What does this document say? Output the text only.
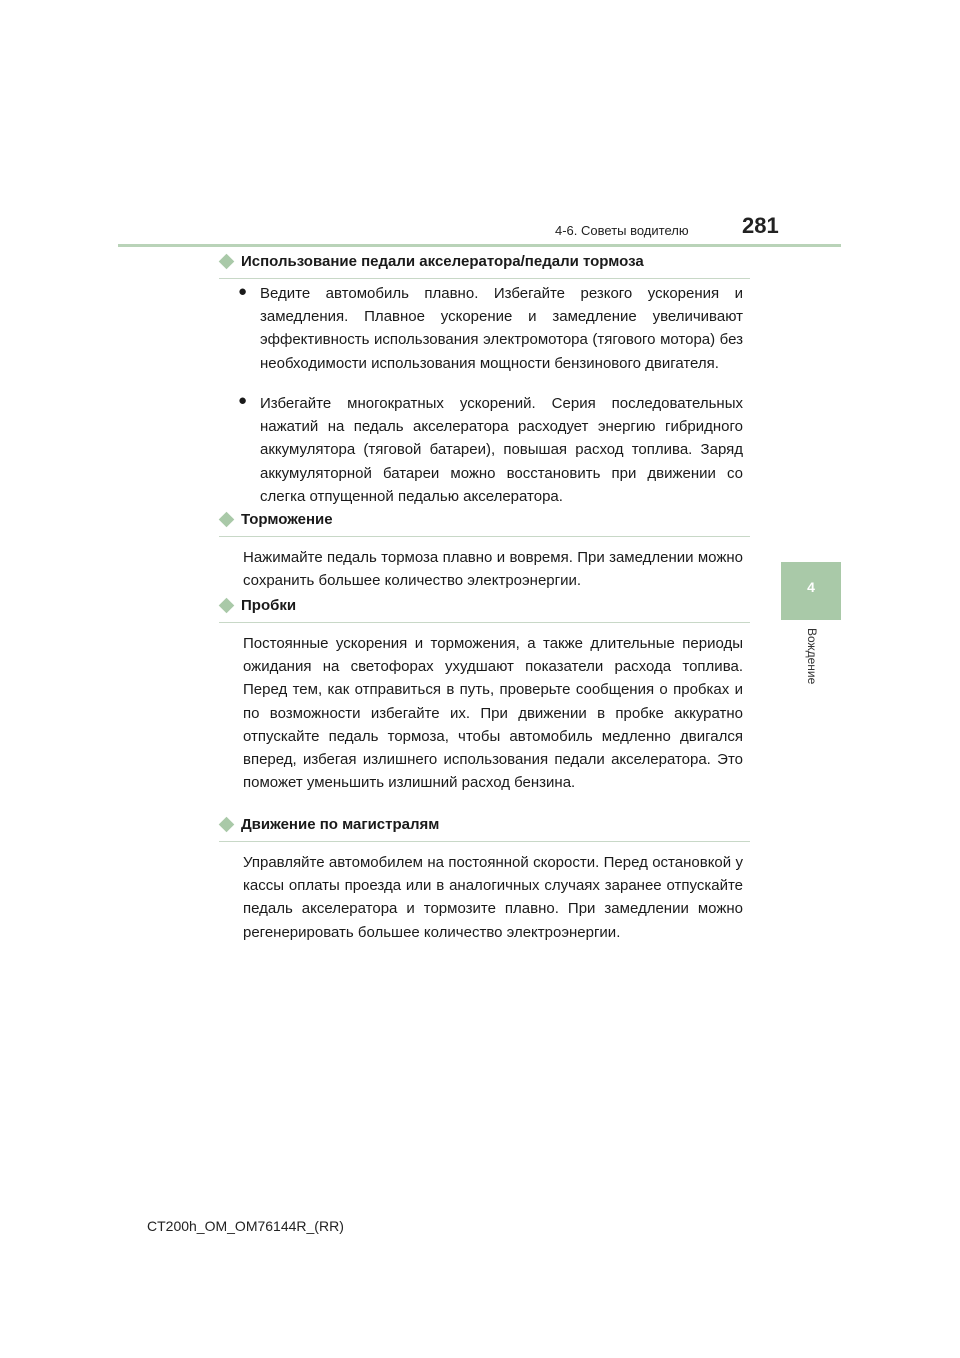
4-6. Советы водителю 281
4
Вождение
Использование педали акселератора/педали тормоза
● Ведите автомобиль плавно. Избегайте резкого ускорения и замедления. Плавное ускорение и замедление увеличивают эффективность использования электромотора (тягового мотора) без необходимости использования мощности бензинового двигателя.
● Избегайте многократных ускорений. Серия последовательных нажатий на педаль акселератора расходует энергию гибридного аккумулятора (тяговой батареи), повышая расход топлива. Заряд аккумуляторной батареи можно восстановить при движении со слегка отпущенной педалью акселератора.
Торможение
Нажимайте педаль тормоза плавно и вовремя. При замедлении можно сохранить большее количество электроэнергии.
Пробки
Постоянные ускорения и торможения, а также длительные периоды ожидания на светофорах ухудшают показатели расхода топлива. Перед тем, как отправиться в путь, проверьте сообщения о пробках и по возможности избегайте их. При движении в пробке аккуратно отпускайте педаль тормоза, чтобы автомобиль медленно двигался вперед, избегая излишнего использования педали акселератора. Это поможет уменьшить излишний расход бензина.
Движение по магистралям
Управляйте автомобилем на постоянной скорости. Перед остановкой у кассы оплаты проезда или в аналогичных случаях заранее отпускайте педаль акселератора и тормозите плавно. При замедлении можно регенерировать большее количество электроэнергии.
CT200h_OM_OM76144R_(RR)
